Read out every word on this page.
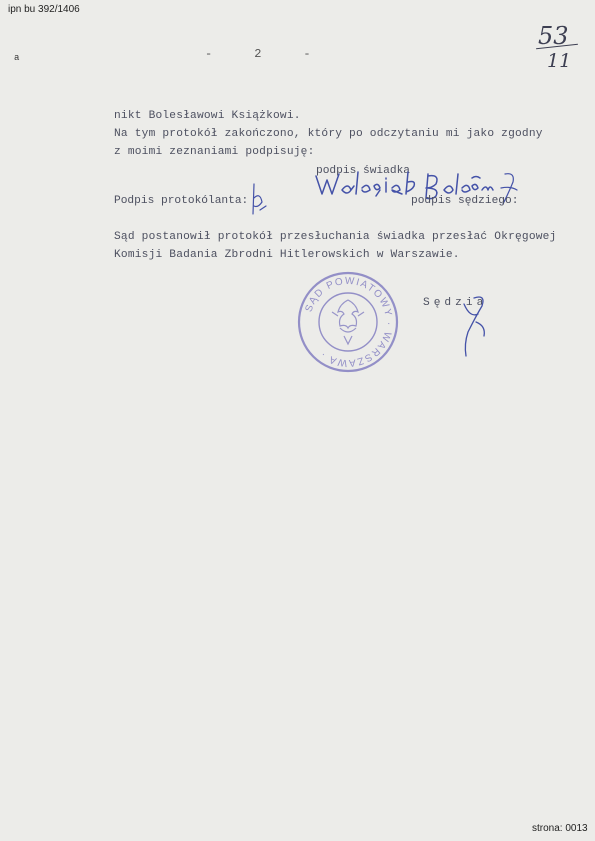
ipn bu 392/1406
a	-     2     -
53
11
nikt Bolesławowi Książkowi.
Na tym protokół zakończono, który po odczytaniu mi jako zgodny
z moimi zeznaniami podpisuję:
podpis świadka
Podpis protokólanta:	podpis sędziego:
Sąd postanowił protokół przesłuchania świadka przesłać Okręgowej
Komisji Badania Zbrodni Hitlerowskich w Warszawie.
SĄD POWIATOWY · WARSZAWA ·
Sędzia
strona: 0013
